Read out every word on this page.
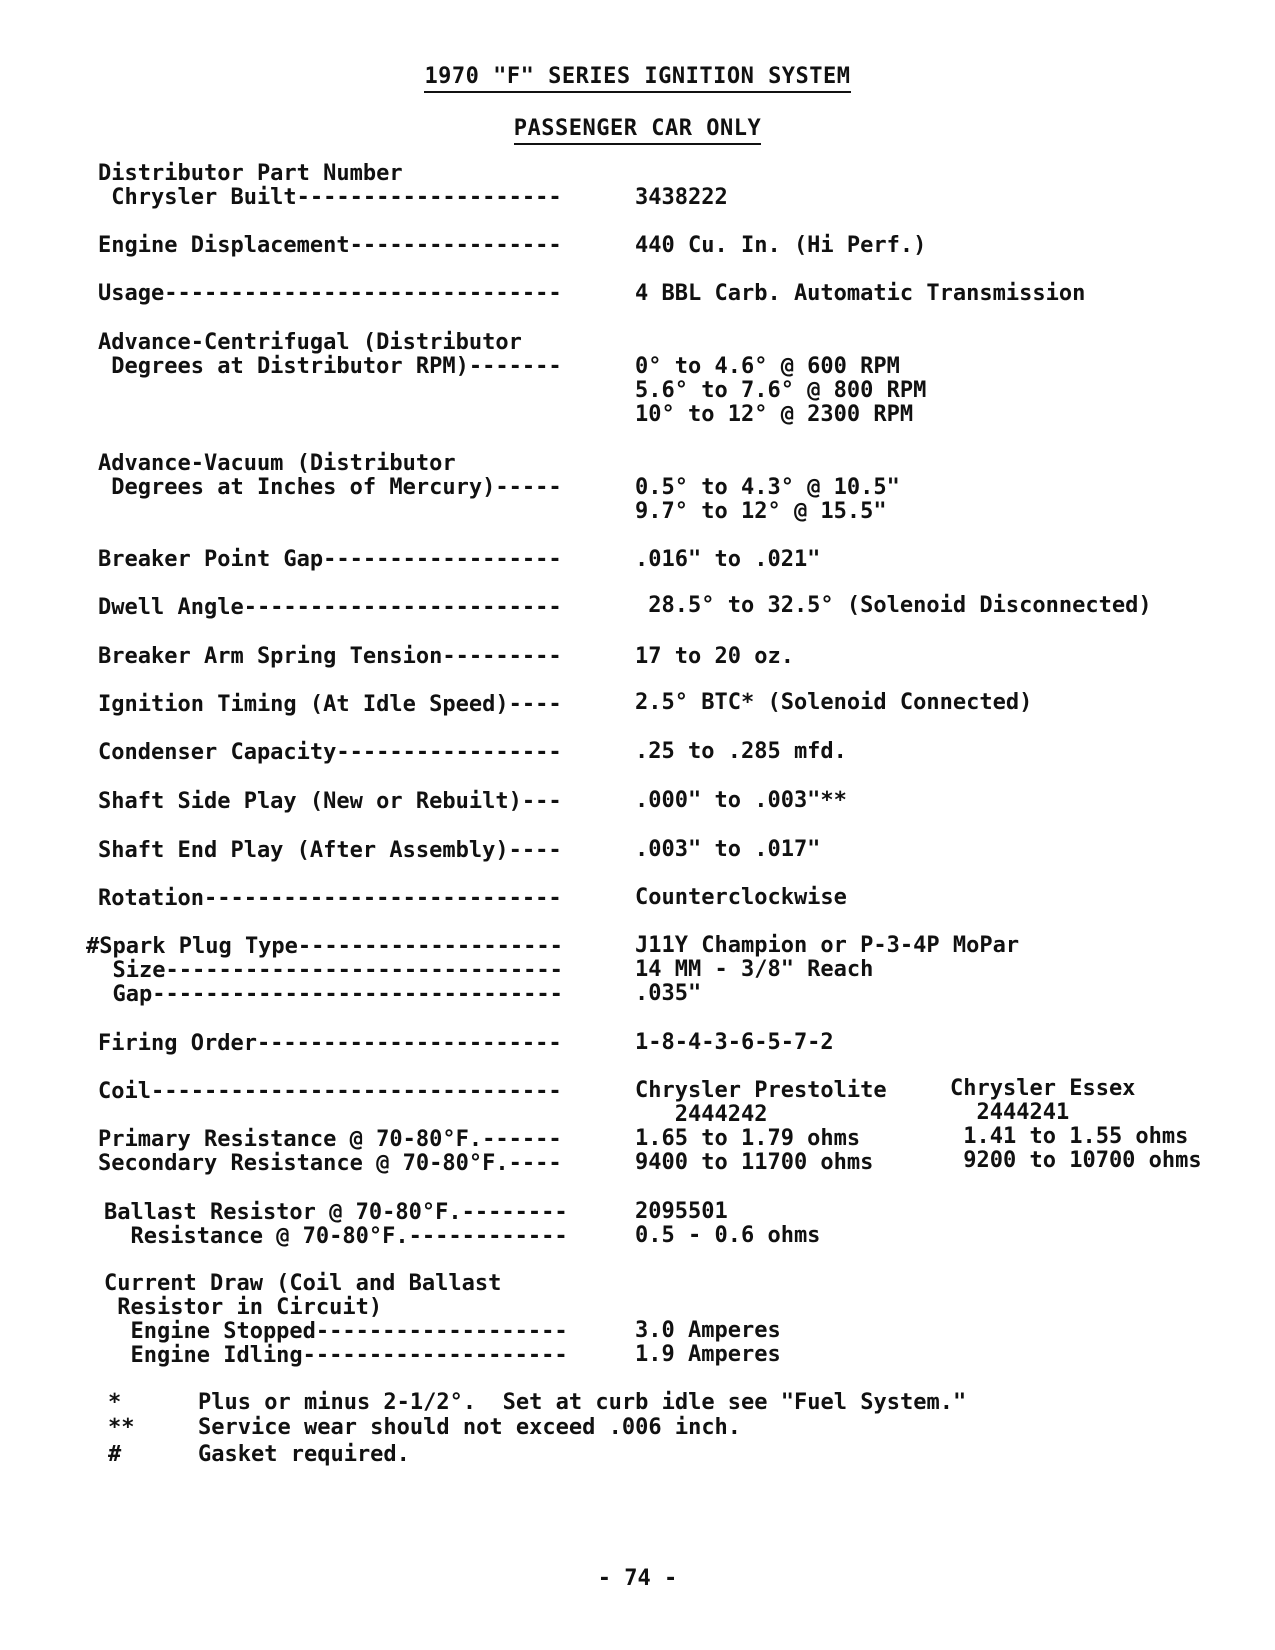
1970 "F" SERIES IGNITION SYSTEM
PASSENGER CAR ONLY
Distributor Part Number
Chrysler Built--------------------	3438222
Engine Displacement----------------	440 Cu. In. (Hi Perf.)
Usage------------------------------	4 BBL Carb. Automatic Transmission
Advance-Centrifugal (Distributor
Degrees at Distributor RPM)-------	0° to 4.6° @ 600 RPM
5.6° to 7.6° @ 800 RPM
10° to 12° @ 2300 RPM
Advance-Vacuum (Distributor
Degrees at Inches of Mercury)-----	0.5° to 4.3° @ 10.5"
9.7° to 12° @ 15.5"
Breaker Point Gap------------------	.016" to .021"
Dwell Angle------------------------	28.5° to 32.5° (Solenoid Disconnected)
Breaker Arm Spring Tension---------	17 to 20 oz.
Ignition Timing (At Idle Speed)----	2.5° BTC* (Solenoid Connected)
Condenser Capacity-----------------	.25 to .285 mfd.
Shaft Side Play (New or Rebuilt)---	.000" to .003"**
Shaft End Play (After Assembly)----	.003" to .017"
Rotation---------------------------	Counterclockwise
#Spark Plug Type--------------------	J11Y Champion or P-3-4P MoPar
Size------------------------------	14 MM - 3/8" Reach
Gap-------------------------------	.035"
Firing Order-----------------------	1-8-4-3-6-5-7-2
Coil-------------------------------	Chrysler Prestolite	Chrysler Essex
2444242	2444241
Primary Resistance @ 70-80°F.------	1.65 to 1.79 ohms	1.41 to 1.55 ohms
Secondary Resistance @ 70-80°F.----	9400 to 11700 ohms	9200 to 10700 ohms
Ballast Resistor @ 70-80°F.--------	2095501
Resistance @ 70-80°F.------------	0.5 - 0.6 ohms
Current Draw (Coil and Ballast
Resistor in Circuit)
Engine Stopped-------------------	3.0 Amperes
Engine Idling--------------------	1.9 Amperes
*	Plus or minus 2-1/2°.  Set at curb idle see "Fuel System."
**	Service wear should not exceed .006 inch.
#	Gasket required.
- 74 -
